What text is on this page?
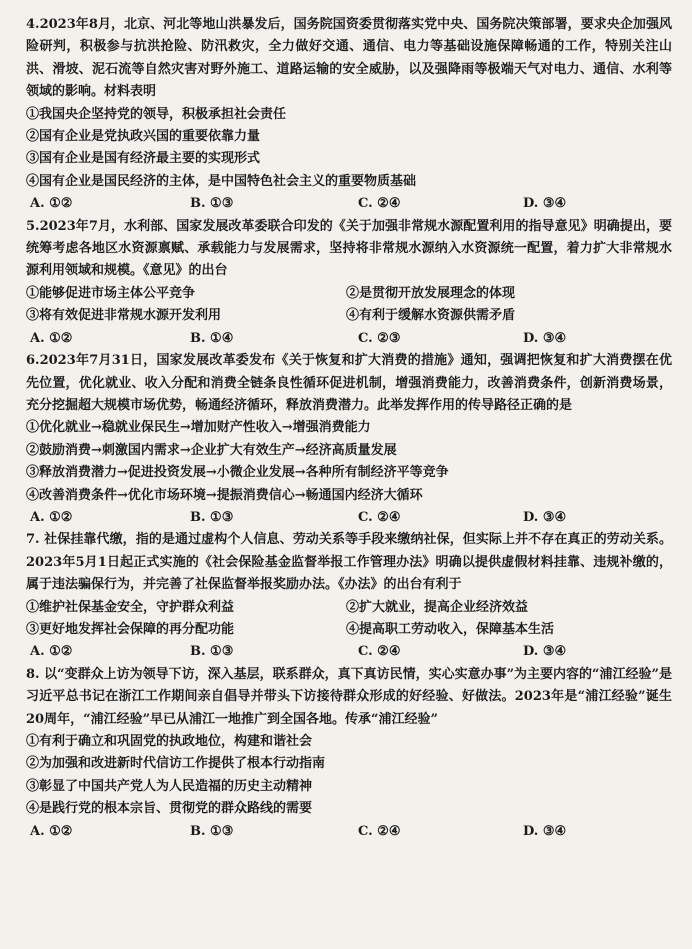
4.2023年8月，北京、河北等地山洪暴发后，国务院国资委贯彻落实党中央、国务院决策部署，要求央企加强风险研判，积极参与抗洪抢险、防汛救灾，全力做好交通、通信、电力等基础设施保障畅通的工作，特别关注山洪、滑坡、泥石流等自然灾害对野外施工、道路运输的安全威胁，以及强降雨等极端天气对电力、通信、水利等领域的影响。材料表明

①我国央企坚持党的领导，积极承担社会责任

②国有企业是党执政兴国的重要依靠力量

③国有企业是国有经济最主要的实现形式

④国有企业是国民经济的主体，是中国特色社会主义的重要物质基础

A. ①②	B. ①③	C. ②④	D. ③④

5.2023年7月，水利部、国家发展改革委联合印发的《关于加强非常规水源配置利用的指导意见》明确提出，要统筹考虑各地区水资源禀赋、承载能力与发展需求，坚持将非常规水源纳入水资源统一配置，着力扩大非常规水源利用领域和规模。《意见》的出台

①能够促进市场主体公平竞争	②是贯彻开放发展理念的体现
③将有效促进非常规水源开发利用	④有利于缓解水资源供需矛盾
A. ①②	B. ①④	C. ②③	D. ③④

6.2023年7月31日，国家发展改革委发布《关于恢复和扩大消费的措施》通知，强调把恢复和扩大消费摆在优先位置，优化就业、收入分配和消费全链条良性循环促进机制，增强消费能力，改善消费条件，创新消费场景，充分挖掘超大规模市场优势，畅通经济循环，释放消费潜力。此举发挥作用的传导路径正确的是

①优化就业→稳就业保民生→增加财产性收入→增强消费能力

②鼓励消费→刺激国内需求→企业扩大有效生产→经济高质量发展

③释放消费潜力→促进投资发展→小微企业发展→各种所有制经济平等竞争

④改善消费条件→优化市场环境→提振消费信心→畅通国内经济大循环

A. ①②	B. ①③	C. ②④	D. ③④

7. 社保挂靠代缴，指的是通过虚构个人信息、劳动关系等手段来缴纳社保，但实际上并不存在真正的劳动关系。2023年5月1日起正式实施的《社会保险基金监督举报工作管理办法》明确以提供虚假材料挂靠、违规补缴的，属于违法骗保行为，并完善了社保监督举报奖励办法。《办法》的出台有利于

①维护社保基金安全，守护群众利益	②扩大就业，提高企业经济效益
③更好地发挥社会保障的再分配功能	④提高职工劳动收入，保障基本生活
A. ①②	B. ①③	C. ②④	D. ③④

8. 以“变群众上访为领导下访，深入基层，联系群众，真下真访民情，实心实意办事”为主要内容的“浦江经验”是习近平总书记在浙江工作期间亲自倡导并带头下访接待群众形成的好经验、好做法。2023年是“浦江经验”诞生20周年，“浦江经验”早已从浦江一地推广到全国各地。传承“浦江经验”

①有利于确立和巩固党的执政地位，构建和谐社会

②为加强和改进新时代信访工作提供了根本行动指南

③彰显了中国共产党人为人民造福的历史主动精神

④是践行党的根本宗旨、贯彻党的群众路线的需要

A. ①②	B. ①③	C. ②④	D. ③④
